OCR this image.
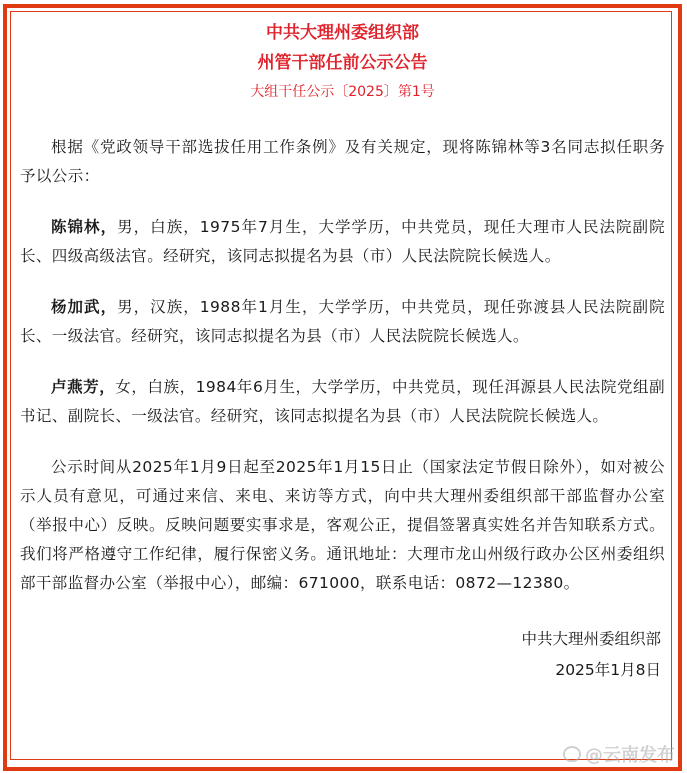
中共大理州委组织部

州管干部任前公示公告

大组干任公示〔2025〕第1号

根据《党政领导干部选拔任用工作条例》及有关规定，现将陈锦林等3名同志拟任职务予以公示：

陈锦林，男，白族，1975年7月生，大学学历，中共党员，现任大理市人民法院副院长、四级高级法官。经研究，该同志拟提名为县（市）人民法院院长候选人。

杨加武，男，汉族，1988年1月生，大学学历，中共党员，现任弥渡县人民法院副院长、一级法官。经研究，该同志拟提名为县（市）人民法院院长候选人。

卢燕芳，女，白族，1984年6月生，大学学历，中共党员，现任洱源县人民法院党组副书记、副院长、一级法官。经研究，该同志拟提名为县（市）人民法院院长候选人。

公示时间从2025年1月9日起至2025年1月15日止（国家法定节假日除外），如对被公示人员有意见，可通过来信、来电、来访等方式，向中共大理州委组织部干部监督办公室（举报中心）反映。反映问题要实事求是，客观公正，提倡签署真实姓名并告知联系方式。我们将严格遵守工作纪律，履行保密义务。通讯地址：大理市龙山州级行政办公区州委组织部干部监督办公室（举报中心），邮编：671000，联系电话：0872—12380。

中共大理州委组织部

2025年1月8日

@云南发布
